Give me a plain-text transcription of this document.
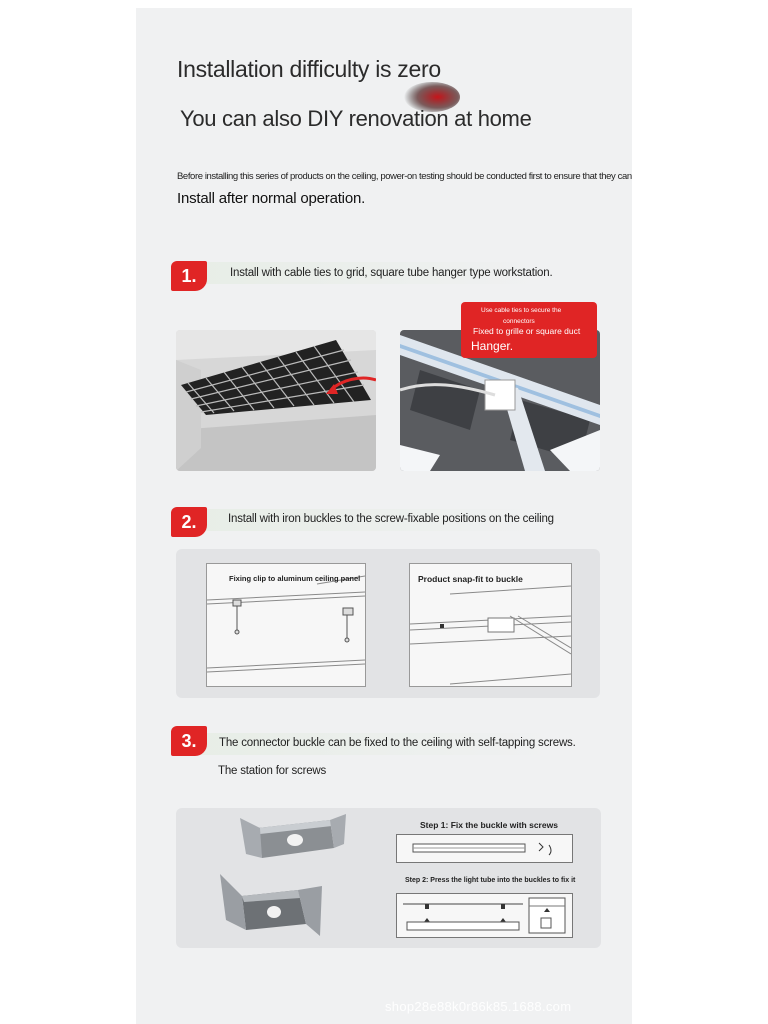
Installation difficulty is zero
You can also DIY renovation at home
Before installing this series of products on the ceiling, power-on testing should be conducted first to ensure that they can
Install after normal operation.
1.	Install with cable ties to grid, square tube hanger type workstation.
Use cable ties to secure the
connectors
Fixed to grille or square duct
Hanger.
2.	Install with iron buckles to the screw-fixable positions on the ceiling
Fixing clip to aluminum ceiling panel	Product snap-fit to buckle
3.	The connector buckle can be fixed to the ceiling with self-tapping screws.
The station for screws
Step 1: Fix the buckle with screws
Step 2: Press the light tube into the buckles to fix it
shop28e88k0r86k85.1688.com
